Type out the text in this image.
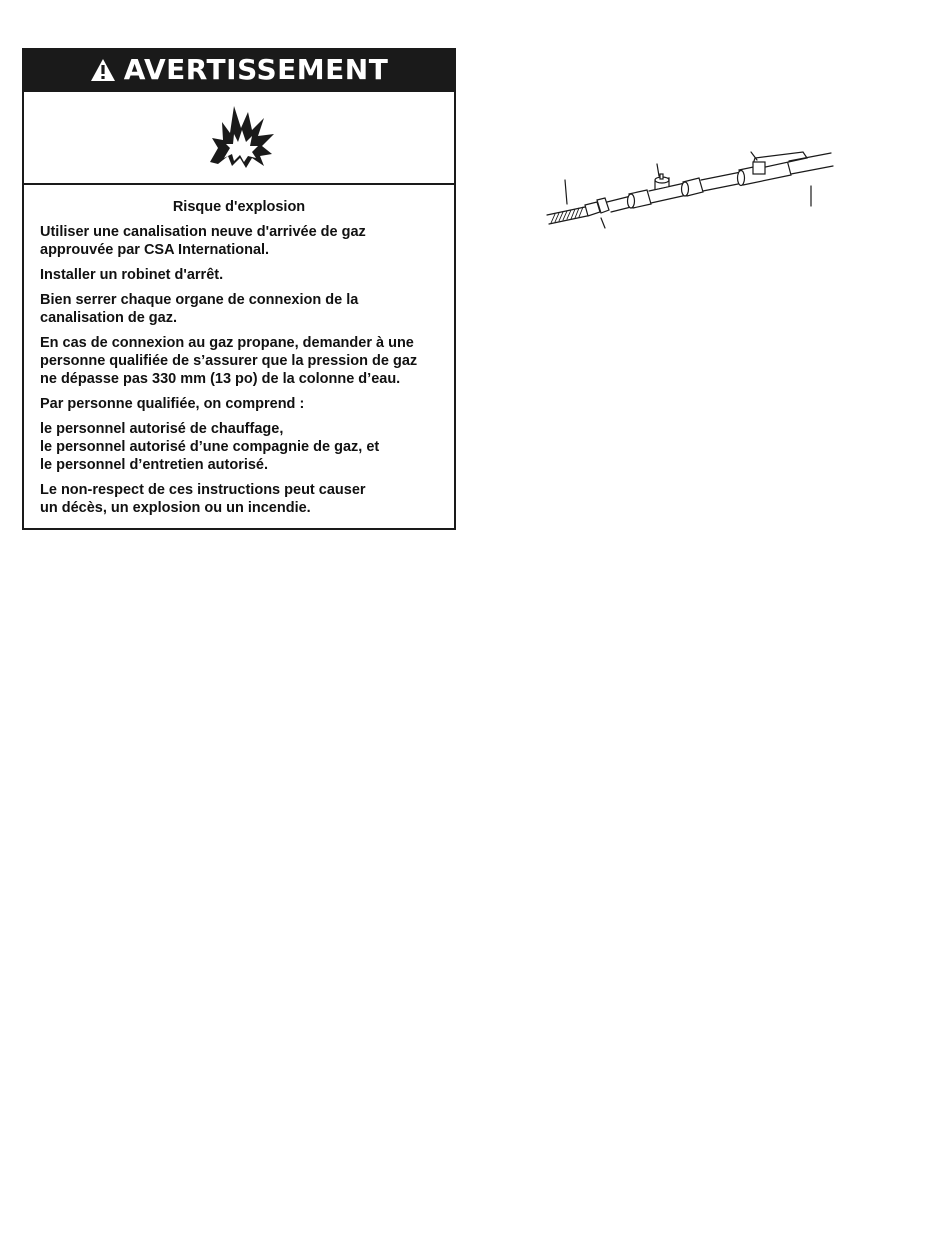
AVERTISSEMENT
Risque d'explosion

Utiliser une canalisation neuve d'arrivée de gaz
approuvée par CSA International.

Installer un robinet d'arrêt.

Bien serrer chaque organe de connexion de la
canalisation de gaz.

En cas de connexion au gaz propane, demander à une
personne qualifiée de s’assurer que la pression de gaz
ne dépasse pas 330 mm (13 po) de la colonne d’eau.

Par personne qualifiée, on comprend :

le personnel autorisé de chauffage,
le personnel autorisé d’une compagnie de gaz, et
le personnel d’entretien autorisé.

Le non-respect de ces instructions peut causer
un décès, un explosion ou un incendie.
